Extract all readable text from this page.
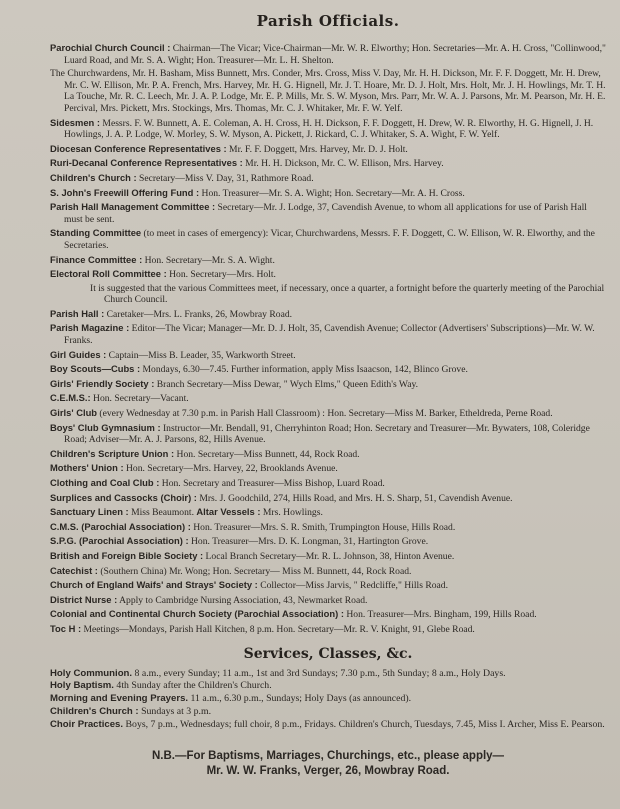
Parish Officials.
Parochial Church Council : Chairman—The Vicar; Vice-Chairman—Mr. W. R. Elworthy; Hon. Secretaries—Mr. A. H. Cross, "Collinwood," Luard Road, and Mr. S. A. Wight; Hon. Treasurer—Mr. L. H. Shelton.
The Churchwardens, Mr. H. Basham, Miss Bunnett, Mrs. Conder, Mrs. Cross, Miss V. Day, Mr. H. H. Dickson, Mr. F. F. Doggett, Mr. H. Drew, Mr. C. W. Ellison, Mr. P. A. French, Mrs. Harvey, Mr. H. G. Hignell, Mr. J. T. Hoare, Mr. D. J. Holt, Mrs. Holt, Mr. J. H. Howlings, Mr. T. H. La Touche, Mr. R. C. Leech, Mr. J. A. P. Lodge, Mr. E. P. Mills, Mr. S. W. Myson, Mrs. Parr, Mr. W. A. J. Parsons, Mr. M. Pearson, Mr. H. E. Percival, Mrs. Pickett, Mrs. Stockings, Mrs. Thomas, Mr. C. J. Whitaker, Mr. F. W. Yelf.
Sidesmen : Messrs. F. W. Bunnett, A. E. Coleman, A. H. Cross, H. H. Dickson, F. F. Doggett, H. Drew, W. R. Elworthy, H. G. Hignell, J. H. Howlings, J. A. P. Lodge, W. Morley, S. W. Myson, A. Pickett, J. Rickard, C. J. Whitaker, S. A. Wight, F. W. Yelf.
Diocesan Conference Representatives : Mr. F. F. Doggett, Mrs. Harvey, Mr. D. J. Holt.
Ruri-Decanal Conference Representatives : Mr. H. H. Dickson, Mr. C. W. Ellison, Mrs. Harvey.
Children's Church : Secretary—Miss V. Day, 31, Rathmore Road.
S. John's Freewill Offering Fund : Hon. Treasurer—Mr. S. A. Wight; Hon. Secretary—Mr. A. H. Cross.
Parish Hall Management Committee : Secretary—Mr. J. Lodge, 37, Cavendish Avenue, to whom all applications for use of Parish Hall must be sent.
Standing Committee (to meet in cases of emergency): Vicar, Churchwardens, Messrs. F. F. Doggett, C. W. Ellison, W. R. Elworthy, and the Secretaries.
Finance Committee : Hon. Secretary—Mr. S. A. Wight.
Electoral Roll Committee : Hon. Secretary—Mrs. Holt.
It is suggested that the various Committees meet, if necessary, once a quarter, a fortnight before the quarterly meeting of the Parochial Church Council.
Parish Hall : Caretaker—Mrs. L. Franks, 26, Mowbray Road.
Parish Magazine : Editor—The Vicar; Manager—Mr. D. J. Holt, 35, Cavendish Avenue; Collector (Advertisers' Subscriptions)—Mr. W. W. Franks.
Girl Guides : Captain—Miss B. Leader, 35, Warkworth Street.
Boy Scouts—Cubs : Mondays, 6.30—7.45. Further information, apply Miss Isaacson, 142, Blinco Grove.
Girls' Friendly Society : Branch Secretary—Miss Dewar, " Wych Elms," Queen Edith's Way.
C.E.M.S.: Hon. Secretary—Vacant.
Girls' Club (every Wednesday at 7.30 p.m. in Parish Hall Classroom) : Hon. Secretary—Miss M. Barker, Etheldreda, Perne Road.
Boys' Club Gymnasium : Instructor—Mr. Bendall, 91, Cherryhinton Road; Hon. Secretary and Treasurer—Mr. Bywaters, 108, Coleridge Road; Adviser—Mr. A. J. Parsons, 82, Hills Avenue.
Children's Scripture Union : Hon. Secretary—Miss Bunnett, 44, Rock Road.
Mothers' Union : Hon. Secretary—Mrs. Harvey, 22, Brooklands Avenue.
Clothing and Coal Club : Hon. Secretary and Treasurer—Miss Bishop, Luard Road.
Surplices and Cassocks (Choir) : Mrs. J. Goodchild, 274, Hills Road, and Mrs. H. S. Sharp, 51, Cavendish Avenue.
Sanctuary Linen : Miss Beaumont. Altar Vessels : Mrs. Howlings.
C.M.S. (Parochial Association) : Hon. Treasurer—Mrs. S. R. Smith, Trumpington House, Hills Road.
S.P.G. (Parochial Association) : Hon. Treasurer—Mrs. D. K. Longman, 31, Hartington Grove.
British and Foreign Bible Society : Local Branch Secretary—Mr. R. L. Johnson, 38, Hinton Avenue.
Catechist : (Southern China) Mr. Wong; Hon. Secretary— Miss M. Bunnett, 44, Rock Road.
Church of England Waifs' and Strays' Society : Collector—Miss Jarvis, " Redcliffe," Hills Road.
District Nurse : Apply to Cambridge Nursing Association, 43, Newmarket Road.
Colonial and Continental Church Society (Parochial Association) : Hon. Treasurer—Mrs. Bingham, 199, Hills Road.
Toc H : Meetings—Mondays, Parish Hall Kitchen, 8 p.m. Hon. Secretary—Mr. R. V. Knight, 91, Glebe Road.
Services, Classes, &c.
Holy Communion. 8 a.m., every Sunday; 11 a.m., 1st and 3rd Sundays; 7.30 p.m., 5th Sunday; 8 a.m., Holy Days.
Holy Baptism. 4th Sunday after the Children's Church.
Morning and Evening Prayers. 11 a.m., 6.30 p.m., Sundays; Holy Days (as announced).
Children's Church : Sundays at 3 p.m.
Choir Practices. Boys, 7 p.m., Wednesdays; full choir, 8 p.m., Fridays. Children's Church, Tuesdays, 7.45, Miss I. Archer, Miss E. Pearson.
N.B.—For Baptisms, Marriages, Churchings, etc., please apply—
Mr. W. W. Franks, Verger, 26, Mowbray Road.
